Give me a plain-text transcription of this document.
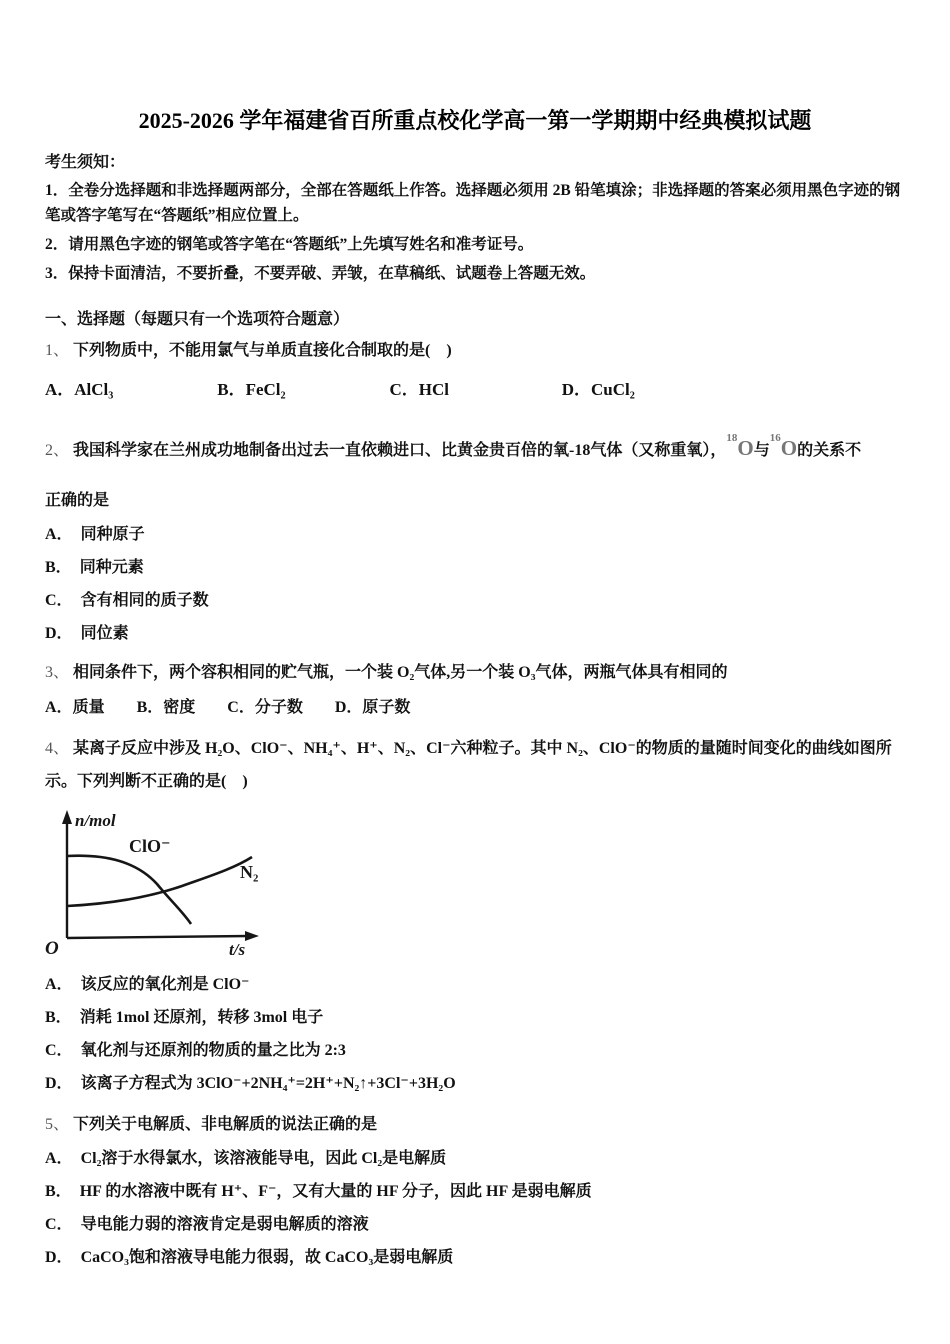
2025-2026 学年福建省百所重点校化学高一第一学期期中经典模拟试题
考生须知：
1．全卷分选择题和非选择题两部分，全部在答题纸上作答。选择题必须用 2B 铅笔填涂；非选择题的答案必须用黑色字迹的钢笔或答字笔写在“答题纸”相应位置上。
2．请用黑色字迹的钢笔或答字笔在“答题纸”上先填写姓名和准考证号。
3．保持卡面清洁，不要折叠，不要弄破、弄皱，在草稿纸、试题卷上答题无效。
一、选择题（每题只有一个选项符合题意）
1、 下列物质中，不能用氯气与单质直接化合制取的是(　)
A．AlCl₃	B．FeCl₂	C．HCl	D．CuCl₂
2、 我国科学家在兰州成功地制备出过去一直依赖进口、比黄金贵百倍的氧-18气体（又称重氧），$^{18}$O与$^{16}$O的关系不
正确的是
A． 同种原子
B． 同种元素
C． 含有相同的质子数
D． 同位素
3、 相同条件下，两个容积相同的贮气瓶，一个装 O₂气体,另一个装 O₃气体，两瓶气体具有相同的
A．质量 B．密度 C．分子数 D．原子数
4、 某离子反应中涉及 H₂O、ClO⁻、NH₄⁺、H⁺、N₂、Cl⁻六种粒子。其中 N₂、ClO⁻的物质的量随时间变化的曲线如图所示。下列判断不正确的是(　)
n/mol
ClO⁻
N₂
O	t/s
A． 该反应的氧化剂是 ClO⁻
B． 消耗 1mol 还原剂，转移 3mol 电子
C． 氧化剂与还原剂的物质的量之比为 2:3
D． 该离子方程式为 3ClO⁻+2NH₄⁺=2H⁺+N₂↑+3Cl⁻+3H₂O
5、 下列关于电解质、非电解质的说法正确的是
A． Cl₂溶于水得氯水，该溶液能导电，因此 Cl₂是电解质
B． HF 的水溶液中既有 H⁺、F⁻，又有大量的 HF 分子，因此 HF 是弱电解质
C． 导电能力弱的溶液肯定是弱电解质的溶液
D． CaCO₃饱和溶液导电能力很弱，故 CaCO₃是弱电解质
